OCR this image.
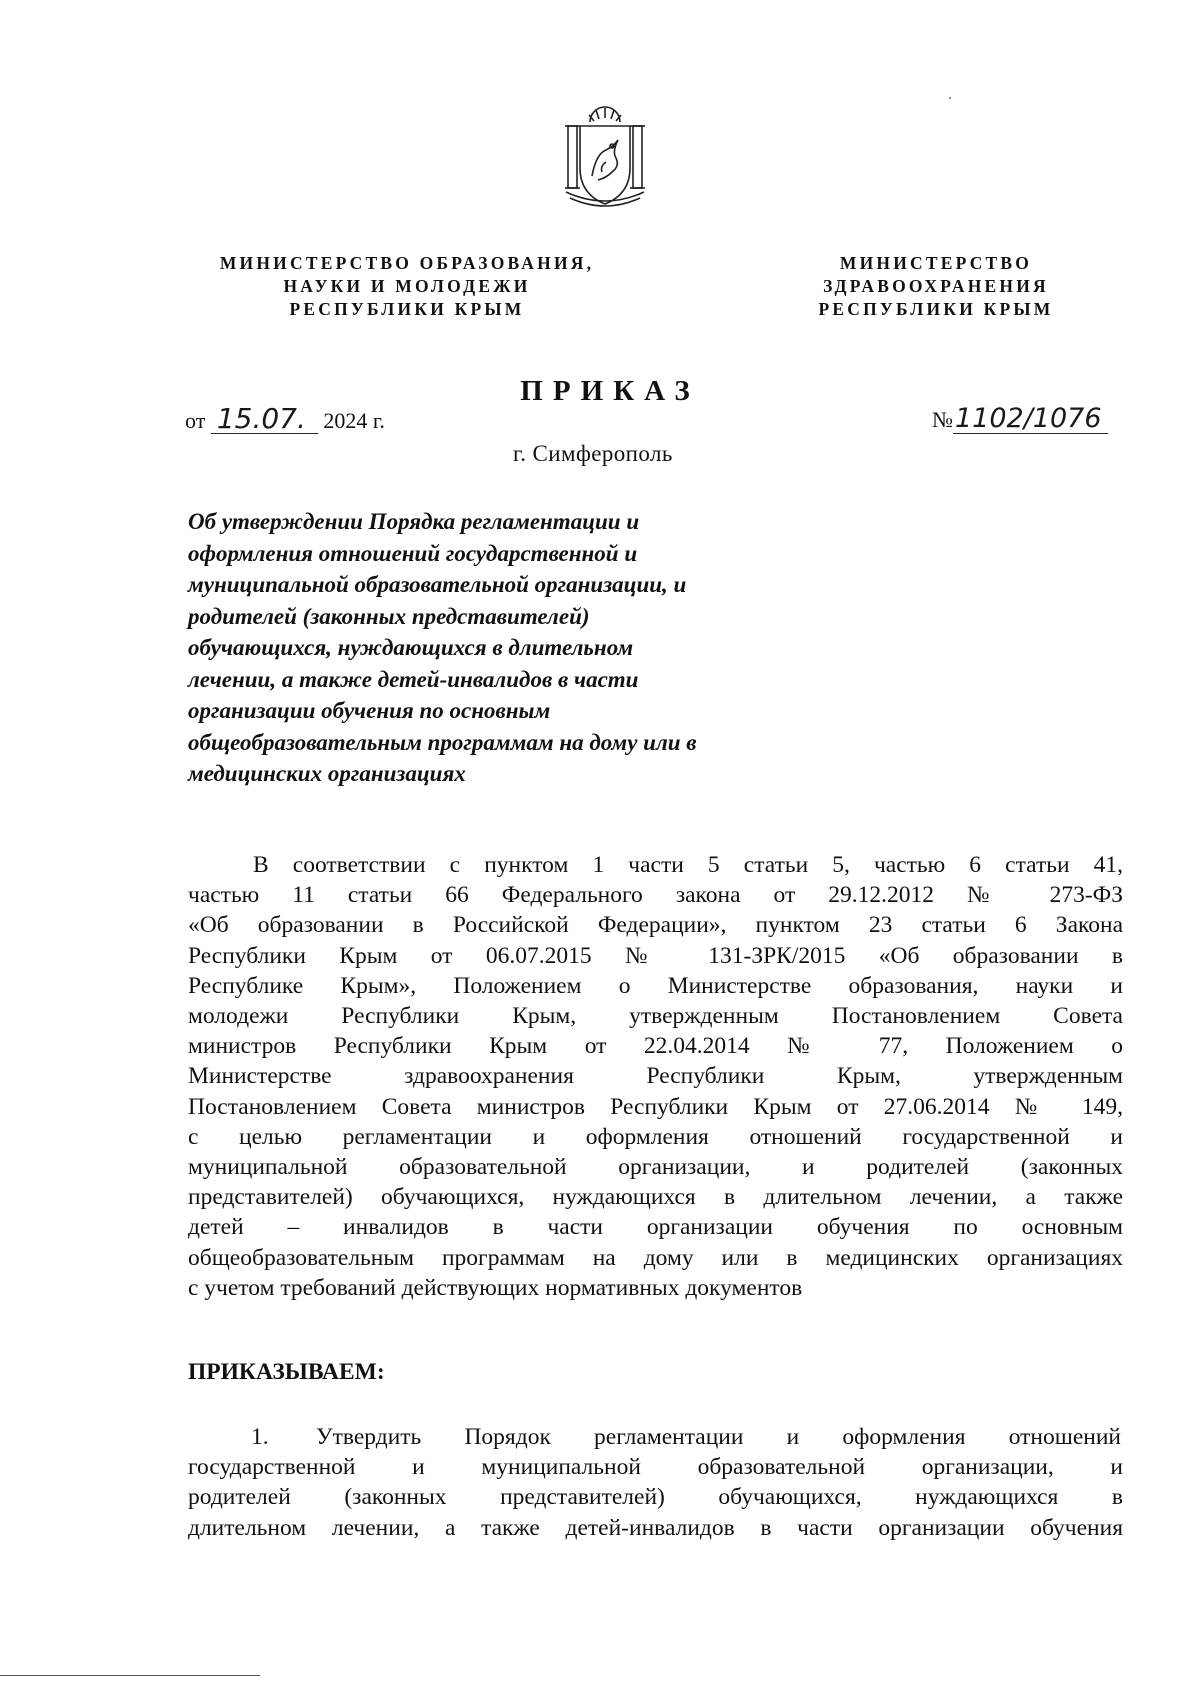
МИНИСТЕРСТВО ОБРАЗОВАНИЯ,
НАУКИ И МОЛОДЕЖИ
РЕСПУБЛИКИ КРЫМ
МИНИСТЕРСТВО
ЗДРАВООХРАНЕНИЯ
РЕСПУБЛИКИ КРЫМ
ПРИКАЗ
от 15.07. 2024 г.	№1102/1076
г. Симферополь
Об утверждении Порядка регламентации и
оформления отношений государственной и
муниципальной образовательной организации, и
родителей (законных представителей)
обучающихся, нуждающихся в длительном
лечении, а также детей-инвалидов в части
организации обучения по основным
общеобразовательным программам на дому или в
медицинских организациях
В соответствии с пунктом 1 части 5 статьи 5, частью 6 статьи 41,
частью 11 статьи 66 Федерального закона от 29.12.2012 № 273-ФЗ
«Об образовании в Российской Федерации», пунктом 23 статьи 6 Закона
Республики Крым от 06.07.2015 № 131-ЗРК/2015 «Об образовании в
Республике Крым», Положением о Министерстве образования, науки и
молодежи Республики Крым, утвержденным Постановлением Совета
министров Республики Крым от 22.04.2014 № 77, Положением о
Министерстве здравоохранения Республики Крым, утвержденным
Постановлением Совета министров Республики Крым от 27.06.2014 № 149,
с целью регламентации и оформления отношений государственной и
муниципальной образовательной организации, и родителей (законных
представителей) обучающихся, нуждающихся в длительном лечении, а также
детей – инвалидов в части организации обучения по основным
общеобразовательным программам на дому или в медицинских организациях
с учетом требований действующих нормативных документов
ПРИКАЗЫВАЕМ:
1. Утвердить Порядок регламентации и оформления отношений
государственной и муниципальной образовательной организации, и
родителей (законных представителей) обучающихся, нуждающихся в
длительном лечении, а также детей-инвалидов в части организации обучения
